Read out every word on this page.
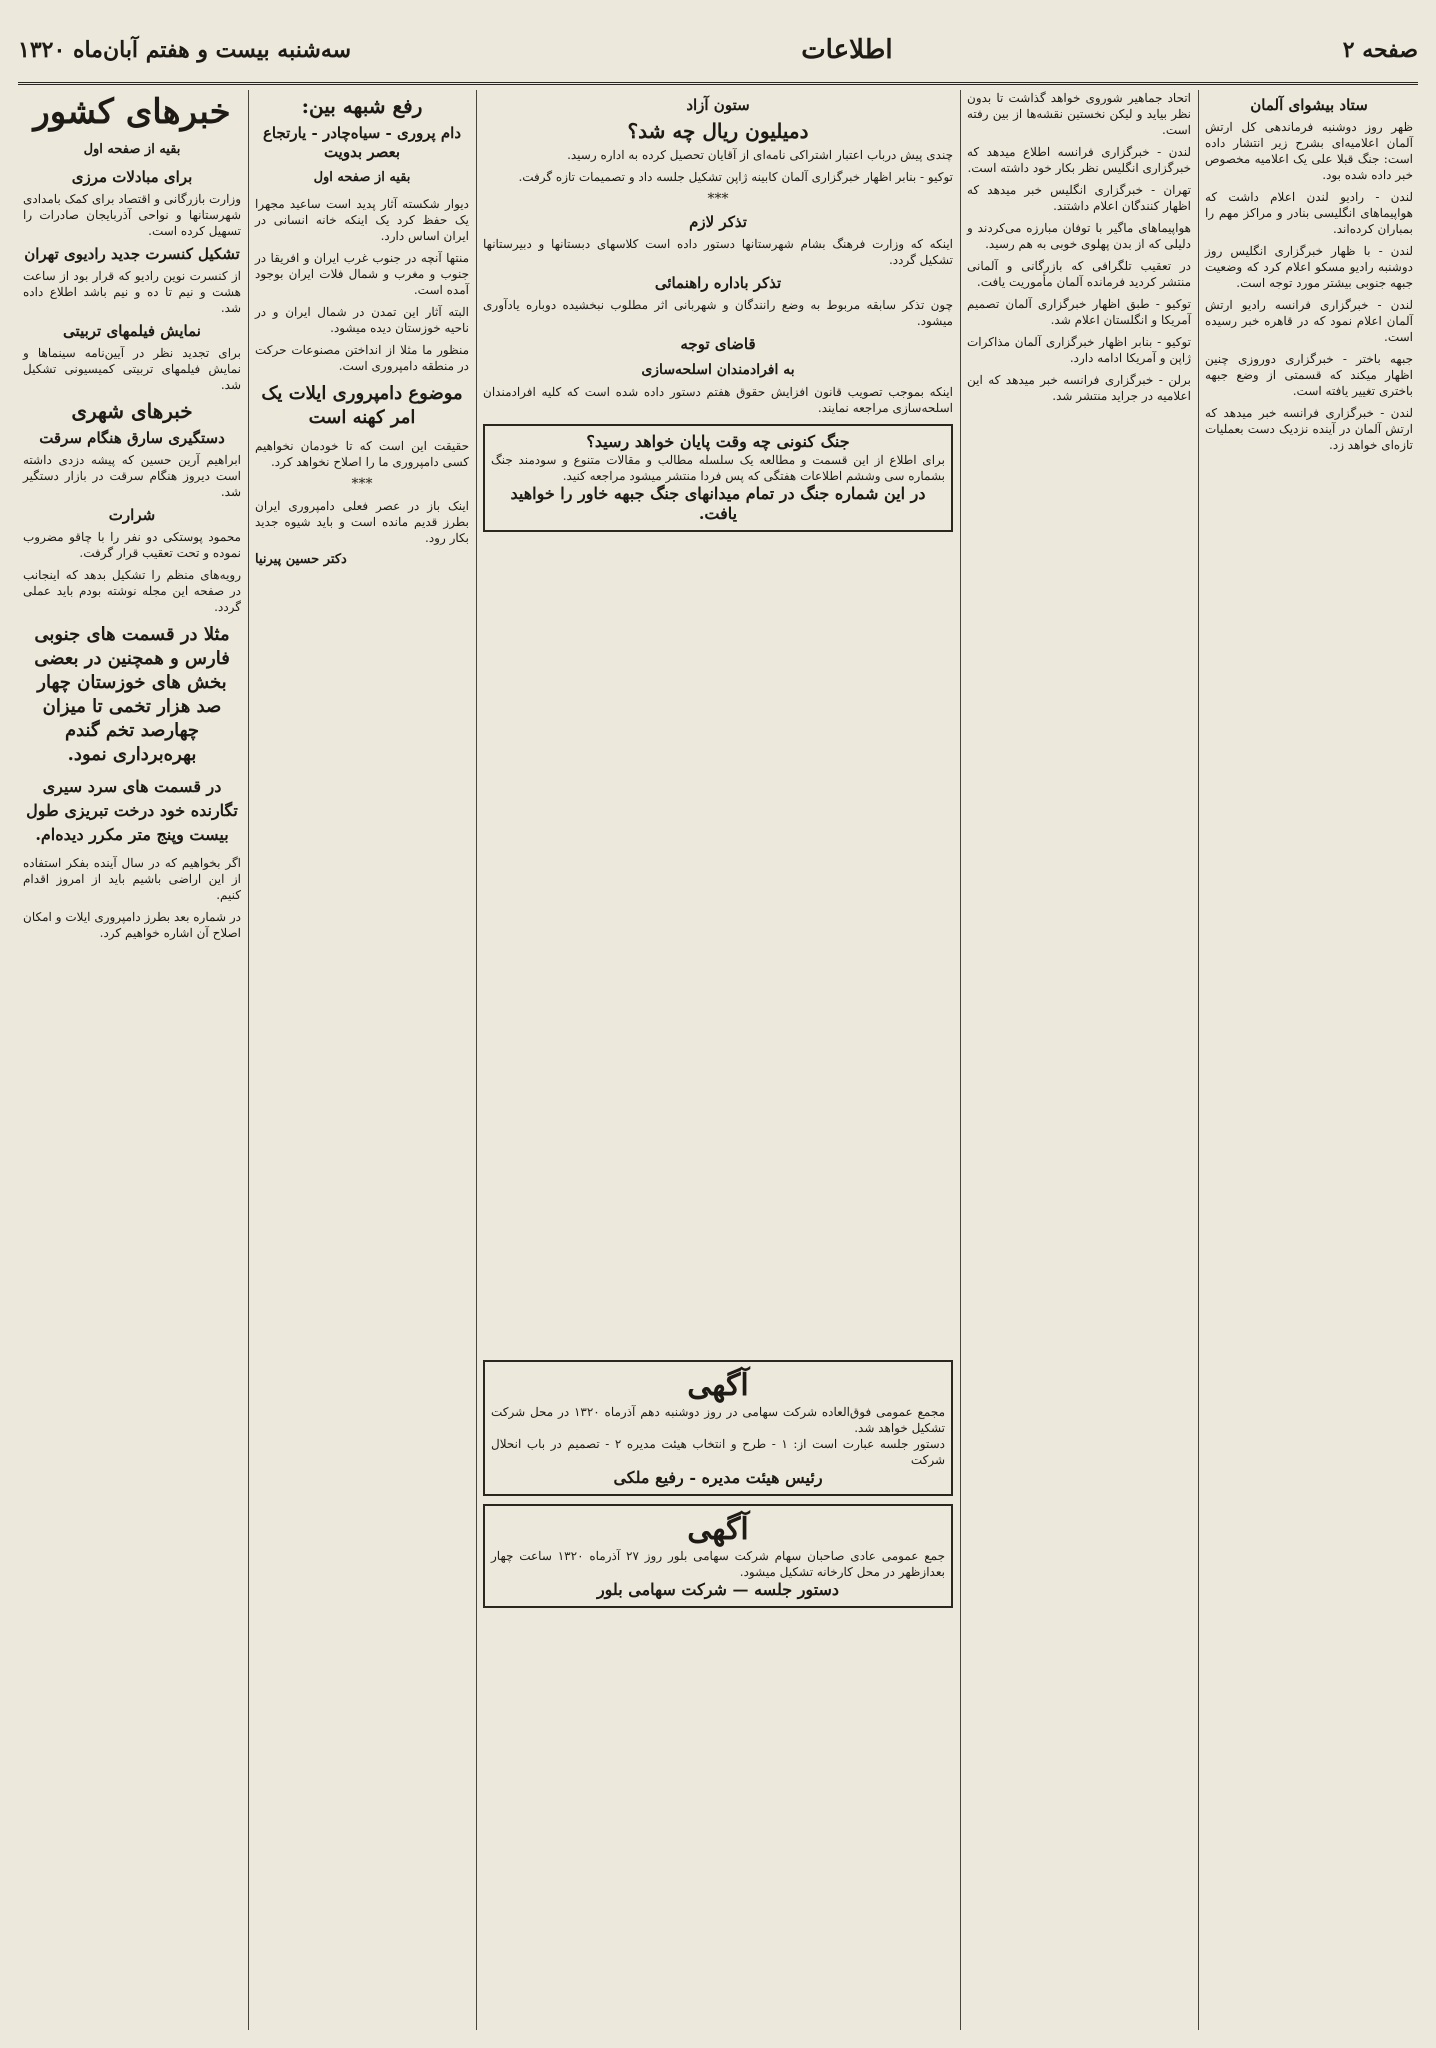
صفحه ۲
اطلاعات
سه‌شنبه بیست و هفتم آبان‌ماه ۱۳۲۰
ستاد بیشوای آلمان

ظهر روز دوشنبه فرماندهی کل ارتش آلمان اعلامیه‌ای بشرح زیر انتشار داده است: جنگ قبلا علی یک اعلامیه مخصوص خبر داده شده بود.

لندن - رادیو لندن اعلام داشت که هواپیماهای انگلیسی بنادر و مراکز مهم را بمباران کرده‌اند.

لندن - با ظهار خبرگزاری انگلیس روز دوشنبه رادیو مسکو اعلام کرد که وضعیت جبهه جنوبی بیشتر مورد توجه است.

لندن - خبرگزاری فرانسه رادیو ارتش آلمان اعلام نمود که در قاهره خبر رسیده است.

جبهه باختر - خبرگزاری دوروزی چنین اظهار میکند که قسمتی از وضع جبهه باختری تغییر یافته است.

لندن - خبرگزاری فرانسه خبر میدهد که ارتش آلمان در آینده نزدیک دست بعملیات تازه‌ای خواهد زد.

اتحاد جماهیر شوروی خواهد گذاشت تا بدون نظر بیاید و لیکن نخستین نقشه‌ها از بین رفته است.

لندن - خبرگزاری فرانسه اطلاع میدهد که خبرگزاری انگلیس نظر بکار خود داشته است.

تهران - خبرگزاری انگلیس خبر میدهد که اظهار کنندگان اعلام داشتند.

هواپیماهای ماگیر با توفان مبارزه می‌کردند و دلیلی که از بدن پهلوی خوبی به هم رسید.

در تعقیب تلگرافی که بازرگانی و آلمانی منتشر کردید فرمانده آلمان مأموریت یافت.

توکیو - طبق اظهار خبرگزاری آلمان تصمیم آمریکا و انگلستان اعلام شد.

توکیو - بنابر اظهار خبرگزاری آلمان مذاکرات ژاپن و آمریکا ادامه دارد.

برلن - خبرگزاری فرانسه خبر میدهد که این اعلامیه در جراید منتشر شد.

ستون آزاد
دمیلیون ریال چه شد؟

چندی پیش درباب اعتبار اشتراکی نامه‌ای از آقایان تحصیل کرده به اداره رسید.

توکیو - بنابر اظهار خبرگزاری آلمان کابینه ژاپن تشکیل جلسه داد و تصمیمات تازه گرفت.

***
تذکر لازم

اینکه که وزارت فرهنگ بشام شهرستانها دستور داده است کلاسهای دبستانها و دبیرستانها تشکیل گردد.

تذکر باداره راهنمائی

چون تذکر سابقه مربوط به وضع رانندگان و شهربانی اثر مطلوب نبخشیده دوباره یادآوری میشود.

قاضای توجه
به افرادمندان اسلحه‌سازی

اینکه بموجب تصویب قانون افزایش حقوق هفتم دستور داده شده است که کلیه افرادمندان اسلحه‌سازی مراجعه نمایند.

جنگ کنونی چه وقت پایان خواهد رسید؟
برای اطلاع از این قسمت و مطالعه یک سلسله مطالب و مقالات متنوع و سودمند جنگ بشماره سی وششم اطلاعات هفتگی که پس فردا منتشر میشود مراجعه کنید.
در این شماره جنگ در تمام میدانهای جنگ جبهه خاور را خواهید یافت.
آگهی
مجمع عمومی فوق‌العاده شرکت سهامی در روز دوشنبه دهم آذرماه ۱۳۲۰ در محل شرکت تشکیل خواهد شد.
دستور جلسه عبارت است از: ۱ - طرح و انتخاب هیئت مدیره ۲ - تصمیم در باب انحلال شرکت
رئیس هیئت مدیره - رفیع ملکی
آگهی
جمع عمومی عادی صاحبان سهام شرکت سهامی بلور روز ۲۷ آذرماه ۱۳۲۰ ساعت چهار بعدازظهر در محل کارخانه تشکیل میشود.
دستور جلسه — شرکت سهامی بلور
رفع شبهه بین:
دام پروری - سیاه‌چادر - یارتجاع بعصر بدویت
بقیه از صفحه اول

دیوار شکسته آثار پدید است ساعید مجهرا یک حفظ کرد یک اینکه خانه انسانی در ایران اساس دارد.

منتها آنچه در جنوب غرب ایران و افریقا در جنوب و مغرب و شمال فلات ایران بوجود آمده است.

البته آثار این تمدن در شمال ایران و در ناحیه خوزستان دیده میشود.

منظور ما مثلا از انداختن مصنوعات حرکت در منطقه دامپروری است.

موضوع دامپروری ایلات یک امر کهنه است

حقیقت این است که تا خودمان نخواهیم کسی دامپروری ما را اصلاح نخواهد کرد.

***

اینک باز در عصر فعلی دامپروری ایران بطرز قدیم مانده است و باید شیوه جدید بکار رود.

دکتر حسین پیرنیا
خبرهای کشور
بقیه از صفحه اول
برای مبادلات مرزی

وزارت بازرگانی و اقتصاد برای کمک بامدادی شهرستانها و نواحی آذربایجان صادرات را تسهیل کرده است.

تشکیل کنسرت جدید رادیوی تهران

از کنسرت نوین رادیو که قرار بود از ساعت هشت و نیم تا ده و نیم باشد اطلاع داده شد.

نمایش فیلمهای تربیتی

برای تجدید نظر در آیین‌نامه سینماها و نمایش فیلمهای تربیتی کمیسیونی تشکیل شد.

خبرهای شهری
دستگیری سارق هنگام سرقت

ابراهیم آرین حسین که پیشه دزدی داشته است دیروز هنگام سرقت در بازار دستگیر شد.

شرارت

محمود پوستکی دو نفر را با چاقو مضروب نموده و تحت تعقیب قرار گرفت.

رویه‌های منظم را تشکیل بدهد که اینجانب در صفحه این مجله نوشته بودم باید عملی گردد.

مثلا در قسمت های جنوبی فارس و همچنین در بعضی بخش های خوزستان چهار صد هزار تخمی تا میزان چهارصد تخم گندم بهره‌برداری نمود.
در قسمت های سرد سیری تگارنده خود درخت تبریزی طول بیست وپنج متر مکرر دیده‌ام.

اگر بخواهیم که در سال آینده بفکر استفاده از این اراضی باشیم باید از امروز اقدام کنیم.

در شماره بعد بطرز دامپروری ایلات و امکان اصلاح آن اشاره خواهیم کرد.
